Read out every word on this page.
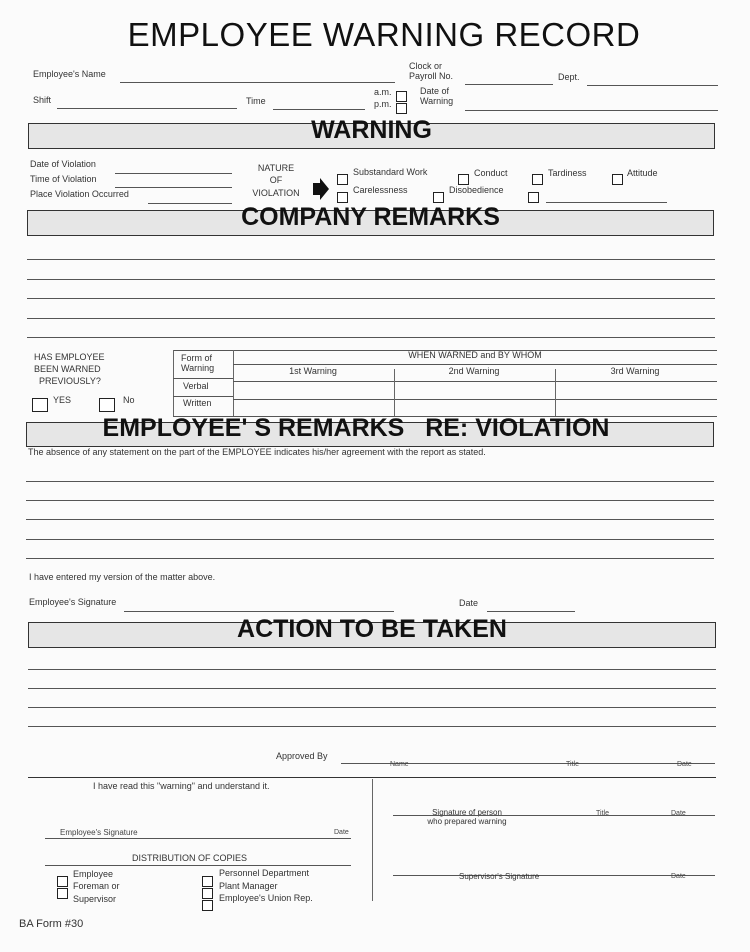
EMPLOYEE WARNING RECORD
Employee's Name
Clock or
Payroll No.	Dept.
Shift	Time
a.m.
p.m.
Date of
Warning
WARNING
Date of Violation
Time of Violation
Place Violation Occurred
NATURE
OF
VIOLATION
Substandard Work	Conduct	Tardiness	Attitude
Carelessness	Disobedience
COMPANY REMARKS
HAS EMPLOYEE
BEEN WARNED
PREVIOUSLY?
YES	No
Form of
Warning
Verbal
Written
WHEN WARNED and BY WHOM
1st Warning	2nd Warning	3rd Warning
EMPLOYEE' S REMARKS   RE: VIOLATION
The absence of any statement on the part of the EMPLOYEE indicates his/her agreement with the report as stated.
I have entered my version of the matter above.
Employee's Signature	Date
ACTION TO BE TAKEN
Approved By
Name	Title	Date
I have read this "warning" and understand it.
Employee's Signature	Date
DISTRIBUTION OF COPIES
Employee
Foreman or
Supervisor
Personnel Department
Plant Manager
Employee's Union Rep.
Signature of person
who prepared warning
Title	Date
Supervisor's Signature	Date
BA Form #30
